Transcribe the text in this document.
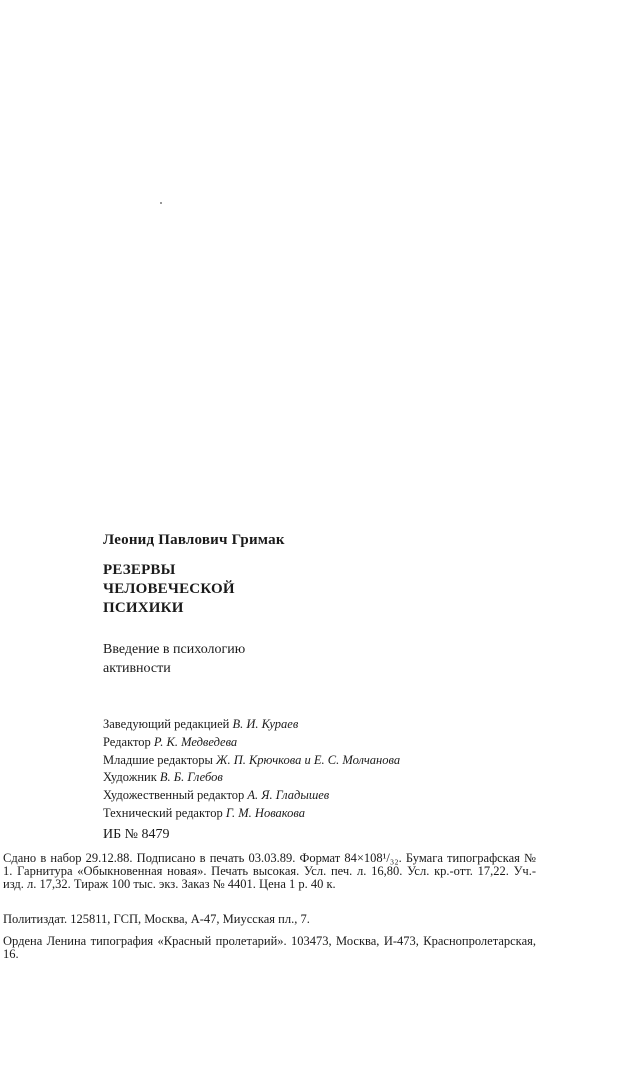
Леонид Павлович Гримак
РЕЗЕРВЫ
ЧЕЛОВЕЧЕСКОЙ
ПСИХИКИ
Введение в психологию
активности
Заведующий редакцией В. И. Кураев
Редактор Р. К. Медведева
Младшие редакторы Ж. П. Крючкова и Е. С. Молчанова
Художник В. Б. Глебов
Художественный редактор А. Я. Гладышев
Технический редактор Г. М. Новакова
ИБ № 8479
Сдано в набор 29.12.88. Подписано в печать 03.03.89. Формат 84×108¹/₃₂. Бумага типографская № 1. Гарнитура «Обыкновенная новая». Печать высокая. Усл. печ. л. 16,80. Усл. кр.-отт. 17,22. Уч.-изд. л. 17,32. Тираж 100 тыс. экз. Заказ № 4401. Цена 1 р. 40 к.
Политиздат. 125811, ГСП, Москва, А-47, Миусская пл., 7.
Ордена Ленина типография «Красный пролетарий». 103473, Москва, И-473, Краснопролетарская, 16.
